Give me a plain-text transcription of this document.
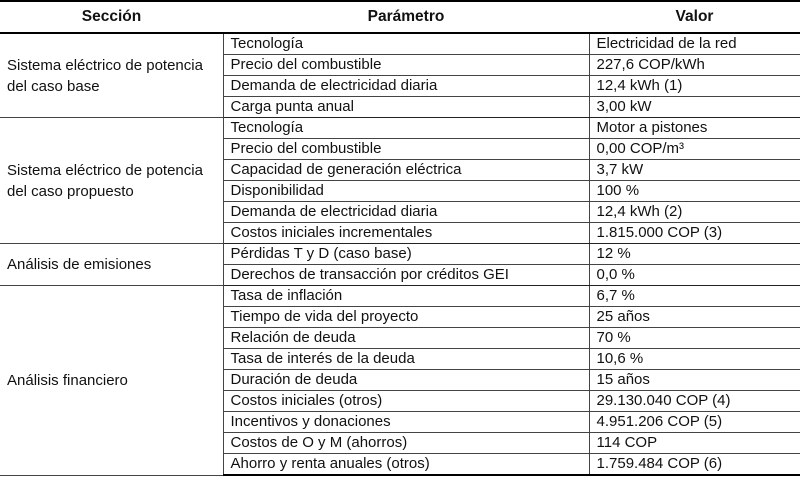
Sección	Parámetro	Valor
Sistema eléctrico de potencia del caso base	Tecnología	Electricidad de la red
	Precio del combustible	227,6 COP/kWh
	Demanda de electricidad diaria	12,4 kWh (1)
	Carga punta anual	3,00 kW
Sistema eléctrico de potencia del caso propuesto	Tecnología	Motor a pistones
	Precio del combustible	0,00 COP/m³
	Capacidad de generación eléctrica	3,7 kW
	Disponibilidad	100 %
	Demanda de electricidad diaria	12,4 kWh (2)
	Costos iniciales incrementales	1.815.000 COP (3)
Análisis de emisiones	Pérdidas T y D (caso base)	12 %
	Derechos de transacción por créditos GEI	0,0 %
Análisis financiero	Tasa de inflación	6,7 %
	Tiempo de vida del proyecto	25 años
	Relación de deuda	70 %
	Tasa de interés de la deuda	10,6 %
	Duración de deuda	15 años
	Costos iniciales (otros)	29.130.040 COP (4)
	Incentivos y donaciones	4.951.206 COP (5)
	Costos de O y M (ahorros)	114 COP
	Ahorro y renta anuales (otros)	1.759.484 COP (6)
